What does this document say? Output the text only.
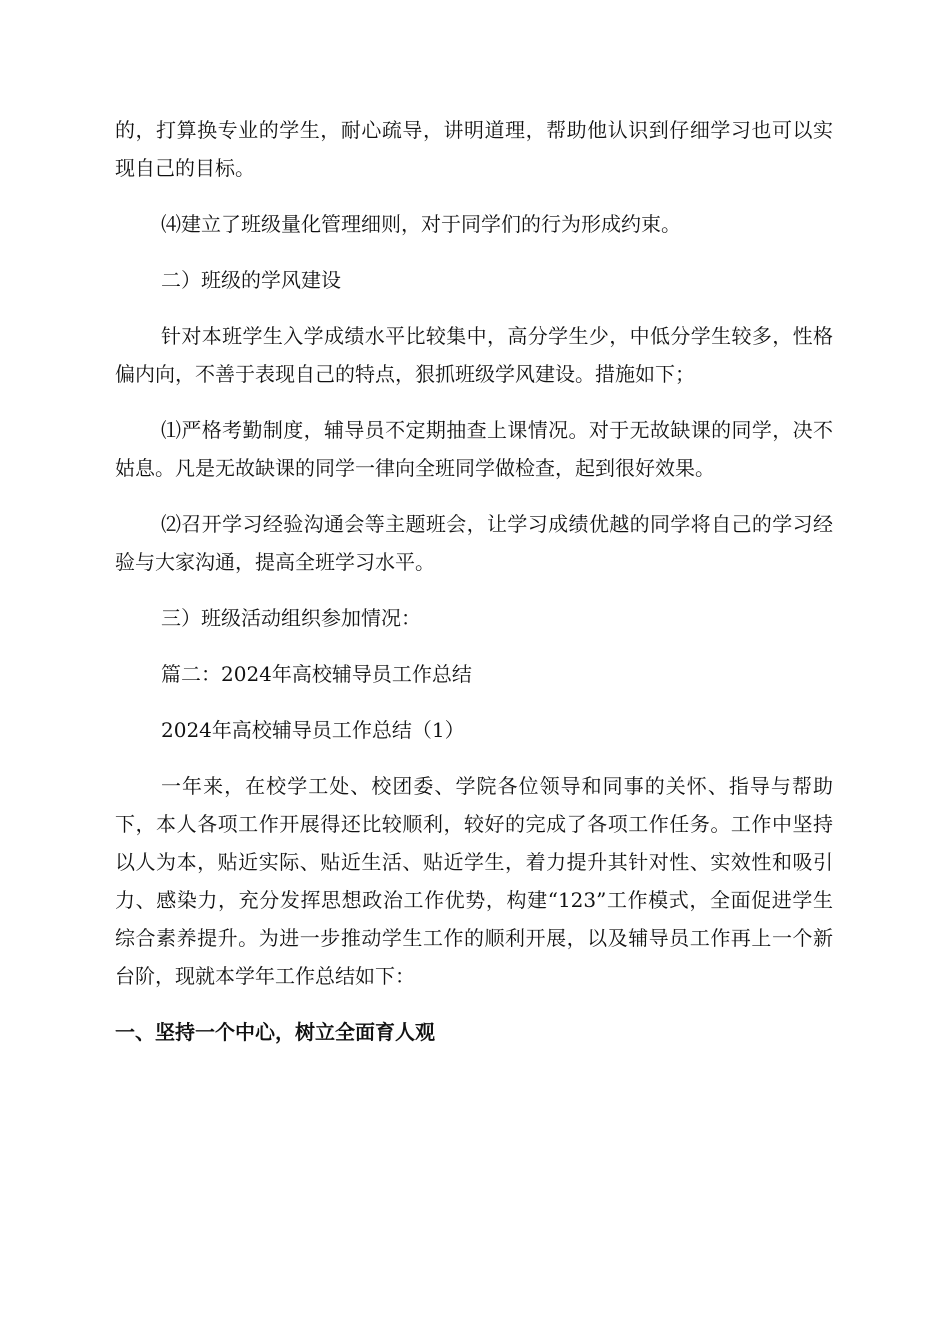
的，打算换专业的学生，耐心疏导，讲明道理，帮助他认识到仔细学习也可以实现自己的目标。

⑷建立了班级量化管理细则，对于同学们的行为形成约束。

二）班级的学风建设

针对本班学生入学成绩水平比较集中，高分学生少，中低分学生较多，性格偏内向，不善于表现自己的特点，狠抓班级学风建设。措施如下；

⑴严格考勤制度，辅导员不定期抽查上课情况。对于无故缺课的同学，决不姑息。凡是无故缺课的同学一律向全班同学做检查，起到很好效果。

⑵召开学习经验沟通会等主题班会，让学习成绩优越的同学将自己的学习经验与大家沟通，提高全班学习水平。

三）班级活动组织参加情况：

篇二：2024年高校辅导员工作总结

2024年高校辅导员工作总结（1）

一年来，在校学工处、校团委、学院各位领导和同事的关怀、指导与帮助下，本人各项工作开展得还比较顺利，较好的完成了各项工作任务。工作中坚持以人为本，贴近实际、贴近生活、贴近学生，着力提升其针对性、实效性和吸引力、感染力，充分发挥思想政治工作优势，构建“123”工作模式，全面促进学生综合素养提升。为进一步推动学生工作的顺利开展，以及辅导员工作再上一个新台阶，现就本学年工作总结如下：

一、坚持一个中心，树立全面育人观
